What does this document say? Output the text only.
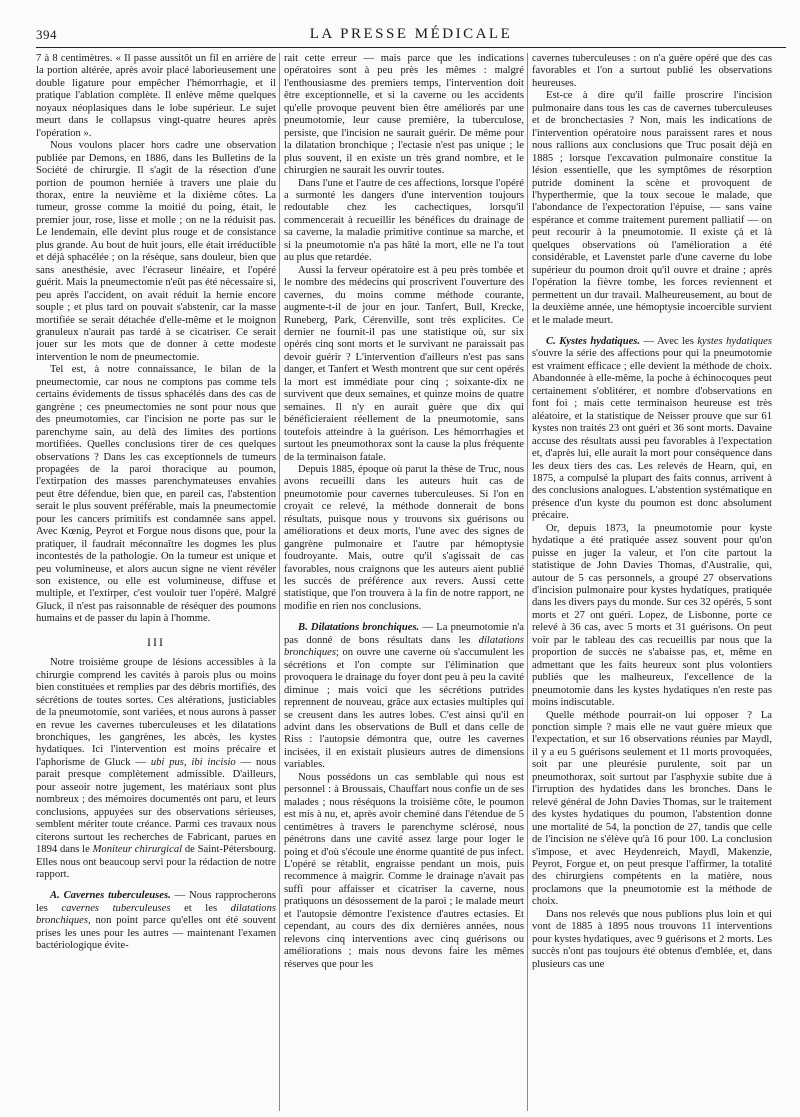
394	LA PRESSE MÉDICALE

7 à 8 centimètres. « Il passe aussitôt un fil en arrière de la portion altérée, après avoir placé laborieusement une double ligature pour empêcher l'hémorrhagie, et il pratique l'ablation complète. Il enlève même quelques noyaux néoplasiques dans le lobe supérieur. Le sujet meurt dans le collapsus vingt-quatre heures après l'opération ».

Nous voulons placer hors cadre une observation publiée par Demons, en 1886, dans les Bulletins de la Société de chirurgie. Il s'agit de la résection d'une portion de poumon herniée à travers une plaie du thorax, entre la neuvième et la dixième côtes. La tumeur, grosse comme la moitié du poing, était, le premier jour, rose, lisse et molle ; on ne la réduisit pas. Le lendemain, elle devint plus rouge et de consistance plus grande. Au bout de huit jours, elle était irréductible et déjà sphacélée ; on la résèque, sans douleur, bien que sans anesthésie, avec l'écraseur linéaire, et l'opéré guérit. Mais la pneumectomie n'eût pas été nécessaire si, peu après l'accident, on avait réduit la hernie encore souple ; et plus tard on pouvait s'abstenir, car la masse mortifiée se serait détachée d'elle-même et le moignon granuleux n'aurait pas tardé à se cicatriser. Ce serait jouer sur les mots que de donner à cette modeste intervention le nom de pneumectomie.

Tel est, à notre connaissance, le bilan de la pneumectomie, car nous ne comptons pas comme tels certains évidements de tissus sphacélés dans des cas de gangrène ; ces pneumectomies ne sont pour nous que des pneumotomies, car l'incision ne porte pas sur le parenchyme sain, au delà des limites des portions mortifiées. Quelles conclusions tirer de ces quelques observations ? Dans les cas exceptionnels de tumeurs propagées de la paroi thoracique au poumon, l'extirpation des masses parenchymateuses envahies peut être défendue, bien que, en pareil cas, l'abstention serait le plus souvent préférable, mais la pneumectomie pour les cancers primitifs est condamnée sans appel. Avec Kœnig, Peyrot et Forgue nous disons que, pour la pratiquer, il faudrait méconnaître les dogmes les plus incontestés de la pathologie. On la tumeur est unique et peu volumineuse, et alors aucun signe ne vient révéler son existence, ou elle est volumineuse, diffuse et multiple, et l'extirper, c'est vouloir tuer l'opéré. Malgré Gluck, il n'est pas raisonnable de réséquer des poumons humains et de passer du lapin à l'homme.

III

Notre troisième groupe de lésions accessibles à la chirurgie comprend les cavités à parois plus ou moins bien constituées et remplies par des débris mortifiés, des sécrétions de toutes sortes. Ces altérations, justiciables de la pneumotomie, sont variées, et nous aurons à passer en revue les cavernes tuberculeuses et les dilatations bronchiques, les gangrènes, les abcès, les kystes hydatiques. Ici l'intervention est moins précaire et l'aphorisme de Gluck — ubi pus, ibi incisio — nous parait presque complètement admissible. D'ailleurs, pour asseoir notre jugement, les matériaux sont plus nombreux ; des mémoires documentés ont paru, et leurs conclusions, appuyées sur des observations sérieuses, semblent mériter toute créance. Parmi ces travaux nous citerons surtout les recherches de Fabricant, parues en 1894 dans le Moniteur chirurgical de Saint-Pétersbourg. Elles nous ont beaucoup servi pour la rédaction de notre rapport.

A. Cavernes tuberculeuses. — Nous rapprocherons les cavernes tuberculeuses et les dilatations bronchiques, non point parce qu'elles ont été souvent prises les unes pour les autres — maintenant l'examen bactériologique évite-

rait cette erreur — mais parce que les indications opératoires sont à peu près les mêmes : malgré l'enthousiasme des premiers temps, l'intervention doit être exceptionnelle, et si la caverne ou les accidents qu'elle provoque peuvent bien être améliorés par une pneumotomie, leur cause première, la tuberculose, persiste, que l'incision ne saurait guérir. De même pour la dilatation bronchique ; l'ectasie n'est pas unique ; le plus souvent, il en existe un très grand nombre, et le chirurgien ne saurait les ouvrir toutes.

Dans l'une et l'autre de ces affections, lorsque l'opéré a surmonté les dangers d'une intervention toujours redoutable chez les cachectiques, lorsqu'il commencerait à recueillir les bénéfices du drainage de sa caverne, la maladie primitive continue sa marche, et si la pneumotomie n'a pas hâté la mort, elle ne l'a tout au plus que retardée.

Aussi la ferveur opératoire est à peu près tombée et le nombre des médecins qui proscrivent l'ouverture des cavernes, du moins comme méthode courante, augmente-t-il de jour en jour. Tanfert, Bull, Krecke, Runeberg, Park, Cérenville, sont très explicites. Ce dernier ne fournit-il pas une statistique où, sur six opérés cinq sont morts et le survivant ne paraissait pas devoir guérir ? L'intervention d'ailleurs n'est pas sans danger, et Tanfert et Westh montrent que sur cent opérés la mort est immédiate pour cinq ; soixante-dix ne survivent que deux semaines, et quinze moins de quatre semaines. Il n'y en aurait guère que dix qui bénéficieraient réellement de la pneumotomie, sans toutefois atteindre à la guérison. Les hémorrhagies et surtout les pneumothorax sont la cause la plus fréquente de la terminaison fatale.

Depuis 1885, époque où parut la thèse de Truc, nous avons recueilli dans les auteurs huit cas de pneumotomie pour cavernes tuberculeuses. Si l'on en croyait ce relevé, la méthode donnerait de bons résultats, puisque nous y trouvons six guérisons ou améliorations et deux morts, l'une avec des signes de gangrène pulmonaire et l'autre par hémoptysie foudroyante. Mais, outre qu'il s'agissait de cas favorables, nous craignons que les auteurs aient publié les succès de préférence aux revers. Aussi cette statistique, que l'on trouvera à la fin de notre rapport, ne modifie en rien nos conclusions.

B. Dilatations bronchiques. — La pneumotomie n'a pas donné de bons résultats dans les dilatations bronchiques; on ouvre une caverne où s'accumulent les sécrétions et l'on compte sur l'élimination que provoquera le drainage du foyer dont peu à peu la cavité diminue ; mais voici que les sécrétions putrides reprennent de nouveau, grâce aux ectasies multiples qui se creusent dans les autres lobes. C'est ainsi qu'il en advint dans les observations de Bull et dans celle de Riss : l'autopsie démontra que, outre les cavernes incisées, il en existait plusieurs autres de dimensions variables.

Nous possédons un cas semblable qui nous est personnel : à Broussais, Chauffart nous confie un de ses malades ; nous réséquons la troisième côte, le poumon est mis à nu, et, après avoir cheminé dans l'étendue de 5 centimètres à travers le parenchyme sclérosé, nous pénétrons dans une cavité assez large pour loger le poing et d'où s'écoule une énorme quantité de pus infect. L'opéré se rétablit, engraisse pendant un mois, puis recommence à maigrir. Comme le drainage n'avait pas suffi pour affaisser et cicatriser la caverne, nous pratiquons un désossement de la paroi ; le malade meurt et l'autopsie démontre l'existence d'autres ectasies. Et cependant, au cours des dix dernières années, nous relevons cinq interventions avec cinq guérisons ou améliorations ; mais nous devons faire les mêmes réserves que pour les

cavernes tuberculeuses : on n'a guère opéré que des cas favorables et l'on a surtout publié les observations heureuses.

Est-ce à dire qu'il faille proscrire l'incision pulmonaire dans tous les cas de cavernes tuberculeuses et de bronchectasies ? Non, mais les indications de l'intervention opératoire nous paraissent rares et nous nous rallions aux conclusions que Truc posait déjà en 1885 ; lorsque l'excavation pulmonaire constitue la lésion essentielle, que les symptômes de résorption putride dominent la scène et provoquent de l'hyperthermie, que la toux secoue le malade, que l'abondance de l'expectoration l'épuise, — sans vaine espérance et comme traitement purement palliatif — on peut recourir à la pneumotomie. Il existe çà et là quelques observations où l'amélioration a été considérable, et Lavenstet parle d'une caverne du lobe supérieur du poumon droit qu'il ouvre et draine ; après l'opération la fièvre tombe, les forces reviennent et permettent un dur travail. Malheureusement, au bout de la deuxième année, une hémoptysie incoercible survient et le malade meurt.

C. Kystes hydatiques. — Avec les kystes hydatiques s'ouvre la série des affections pour qui la pneumotomie est vraiment efficace ; elle devient la méthode de choix. Abandonnée à elle-même, la poche à échinocoques peut certainement s'oblitérer, et nombre d'observations en font foi ; mais cette terminaison heureuse est très aléatoire, et la statistique de Neisser prouve que sur 61 kystes non traités 23 ont guéri et 36 sont morts. Davaine accuse des résultats aussi peu favorables à l'expectation et, d'après lui, elle aurait la mort pour conséquence dans les deux tiers des cas. Les relevés de Hearn, qui, en 1875, a compulsé la plupart des faits connus, arrivent à des conclusions analogues. L'abstention systématique en présence d'un kyste du poumon est donc absolument précaire.

Or, depuis 1873, la pneumotomie pour kyste hydatique a été pratiquée assez souvent pour qu'on puisse en juger la valeur, et l'on cite partout la statistique de John Davies Thomas, d'Australie, qui, autour de 5 cas personnels, a groupé 27 observations d'incision pulmonaire pour kystes hydatiques, pratiquée dans les divers pays du monde. Sur ces 32 opérés, 5 sont morts et 27 ont guéri. Lopez, de Lisbonne, porte ce relevé à 36 cas, avec 5 morts et 31 guérisons. On peut voir par le tableau des cas recueillis par nous que la proportion de succès ne s'abaisse pas, et, même en admettant que les faits heureux sont plus volontiers publiés que les malheureux, l'excellence de la pneumotomie dans les kystes hydatiques n'en reste pas moins indiscutable.

Quelle méthode pourrait-on lui opposer ? La ponction simple ? mais elle ne vaut guère mieux que l'expectation, et sur 16 observations réunies par Maydl, il y a eu 5 guérisons seulement et 11 morts provoquées, soit par une pleurésie purulente, soit par un pneumothorax, soit surtout par l'asphyxie subite due à l'irruption des hydatides dans les bronches. Dans le relevé général de John Davies Thomas, sur le traitement des kystes hydatiques du poumon, l'abstention donne une mortalité de 54, la ponction de 27, tandis que celle de l'incision ne s'élève qu'à 16 pour 100. La conclusion s'impose, et avec Heydenreich, Maydl, Makenzie, Peyrot, Forgue et, on peut presque l'affirmer, la totalité des chirurgiens compétents en la matière, nous proclamons que la pneumotomie est la méthode de choix.

Dans nos relevés que nous publions plus loin et qui vont de 1885 à 1895 nous trouvons 11 interventions pour kystes hydatiques, avec 9 guérisons et 2 morts. Les succès n'ont pas toujours été obtenus d'emblée, et, dans plusieurs cas une
